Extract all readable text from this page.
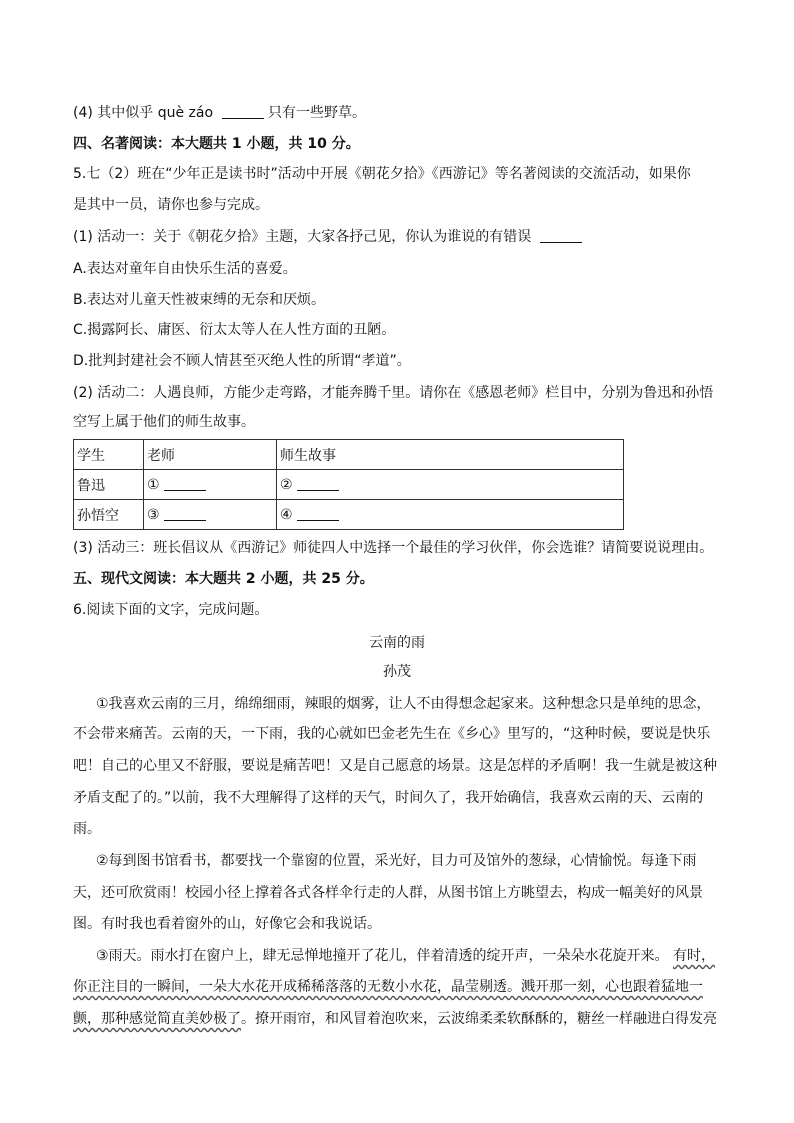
(4) 其中似乎 què záo	只有一些野草。
四、名著阅读：本大题共 1 小题，共 10 分。
5.七（2）班在“少年正是读书时”活动中开展《朝花夕拾》《西游记》等名著阅读的交流活动，如果你
是其中一员，请你也参与完成。
(1) 活动一：关于《朝花夕拾》主题，大家各抒己见，你认为谁说的有错误
A.表达对童年自由快乐生活的喜爱。
B.表达对儿童天性被束缚的无奈和厌烦。
C.揭露阿长、庸医、衍太太等人在人性方面的丑陋。
D.批判封建社会不顾人情甚至灭绝人性的所谓“孝道”。
(2) 活动二：人遇良师，方能少走弯路，才能奔腾千里。请你在《感恩老师》栏目中，分别为鲁迅和孙悟
空写上属于他们的师生故事。
学生	老师	师生故事
鲁迅	①	②
孙悟空	③	④
(3) 活动三：班长倡议从《西游记》师徒四人中选择一个最佳的学习伙伴，你会选谁？请简要说说理由。
五、现代文阅读：本大题共 2 小题，共 25 分。
6.阅读下面的文字，完成问题。
云南的雨
孙茂
①我喜欢云南的三月，绵绵细雨，辣眼的烟雾，让人不由得想念起家来。这种想念只是单纯的思念，
不会带来痛苦。云南的天，一下雨，我的心就如巴金老先生在《乡心》里写的，“这种时候，要说是快乐
吧！自己的心里又不舒服，要说是痛苦吧！又是自己愿意的场景。这是怎样的矛盾啊！我一生就是被这种
矛盾支配了的。”以前，我不大理解得了这样的天气，时间久了，我开始确信，我喜欢云南的天、云南的
雨。
②每到图书馆看书，都要找一个靠窗的位置，采光好，目力可及馆外的葱绿，心情愉悦。每逢下雨
天，还可欣赏雨！校园小径上撑着各式各样伞行走的人群，从图书馆上方眺望去，构成一幅美好的风景
图。有时我也看着窗外的山，好像它会和我说话。
③雨天。雨水打在窗户上，肆无忌惮地撞开了花儿，伴着清透的绽开声，一朵朵水花旋开来。 有时，
你正注目的一瞬间，一朵大水花开成稀稀落落的无数小水花，晶莹剔透。溅开那一刻，心也跟着猛地一
颤，那种感觉简直美妙极了。撩开雨帘，和风冒着泡吹来，云波绵柔柔软酥酥的，糖丝一样融进白得发亮
